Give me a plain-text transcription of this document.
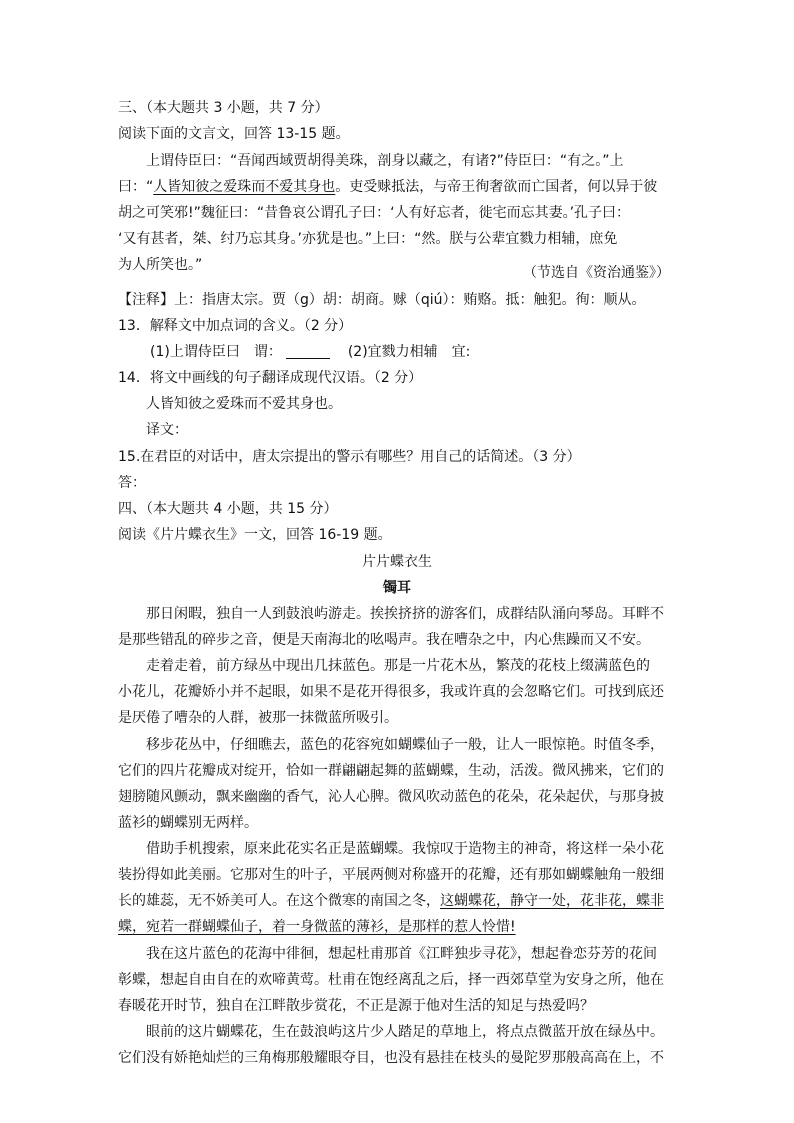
三、（本大题共 3 小题，共 7 分）
阅读下面的文言文，回答 13-15 题。
上谓侍臣曰：“吾闻西域贾胡得美珠，剖身以藏之，有诸?”侍臣曰：“有之。”上
曰：“人皆知彼之爱珠而不爱其身也。吏受赇抵法，与帝王徇奢欲而亡国者，何以异于彼
胡之可笑邪!”魏征曰：“昔鲁哀公谓孔子曰：‘人有好忘者，徙宅而忘其妻。’孔子曰：
‘又有甚者，桀、纣乃忘其身。’亦犹是也。”上曰：“然。朕与公辈宜戮力相辅，庶免
为人所笑也。”	（节选自《资治通鉴》）
【注释】上：指唐太宗。贾（g）胡：胡商。赇（qiú）：贿赂。抵：触犯。徇：顺从。
13．解释文中加点词的含义。（2 分）
(1)上谓侍臣曰　谓：	(2)宜戮力相辅　宜:
14．将文中画线的句子翻译成现代汉语。（2 分）
人皆知彼之爱珠而不爱其身也。
译文：
15.在君臣的对话中，唐太宗提出的警示有哪些？用自己的话简述。（3 分）
答：
四、（本大题共 4 小题，共 15 分）
阅读《片片蝶衣生》一文，回答 16-19 题。
片片蝶衣生
镯耳
那日闲暇，独自一人到鼓浪屿游走。挨挨挤挤的游客们，成群结队涌向琴岛。耳畔不
是那些错乱的碎步之音，便是天南海北的吆喝声。我在嘈杂之中，内心焦躁而又不安。
走着走着，前方绿丛中现出几抹蓝色。那是一片花木丛，繁茂的花枝上缀满蓝色的
小花儿，花瓣娇小并不起眼，如果不是花开得很多，我或许真的会忽略它们。可找到底还
是厌倦了嘈杂的人群，被那一抹微蓝所吸引。
移步花丛中，仔细瞧去，蓝色的花容宛如蝴蝶仙子一般，让人一眼惊艳。时值冬季，
它们的四片花瓣成对绽开，恰如一群翩翩起舞的蓝蝴蝶，生动，活泼。微风拂来，它们的
翅膀随风颤动，飘来幽幽的香气，沁人心脾。微风吹动蓝色的花朵，花朵起伏，与那身披
蓝衫的蝴蝶别无两样。
借助手机搜索，原来此花实名正是蓝蝴蝶。我惊叹于造物主的神奇，将这样一朵小花
装扮得如此美丽。它那对生的叶子，平展两侧对称盛开的花瓣，还有那如蝴蝶触角一般细
长的雄蕊，无不娇美可人。在这个微寒的南国之冬，这蝴蝶花，静守一处，花非花，蝶非
蝶，宛若一群蝴蝶仙子，着一身微蓝的薄衫，是那样的惹人怜惜!
我在这片蓝色的花海中徘徊，想起杜甫那首《江畔独步寻花》，想起眷恋芬芳的花间
彰蝶，想起自由自在的欢啼黄莺。杜甫在饱经离乱之后，择一西郊草堂为安身之所，他在
春暖花开时节，独自在江畔散步赏花，不正是源于他对生活的知足与热爱吗？
眼前的这片蝴蝶花，生在鼓浪屿这片少人踏足的草地上，将点点微蓝开放在绿丛中。
它们没有娇艳灿烂的三角梅那般耀眼夺目，也没有悬挂在枝头的曼陀罗那般高高在上，不
